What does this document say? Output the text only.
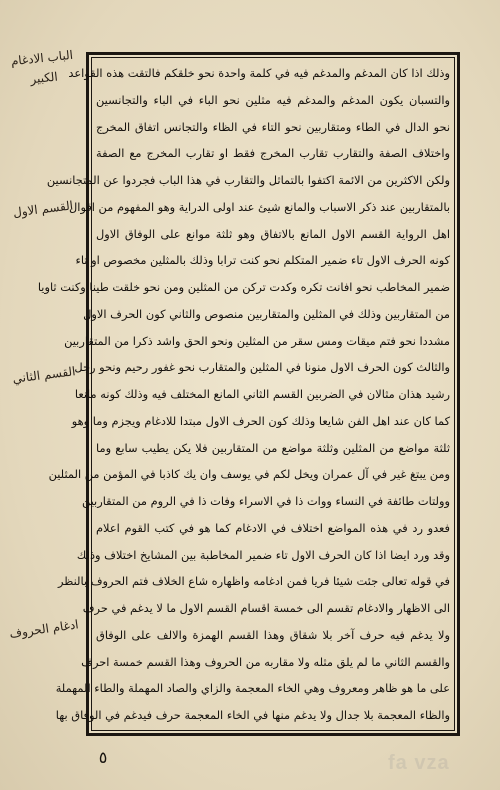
الباب الادغام
الكبير
القسم الاول
القسم الثاني
ادغام الحروف
وذلك اذا كان المدغم والمدغم فيه في كلمة واحدة نحو خلقكم فالتقت هذه القواعد
والتسبان يكون المدغم والمدغم فيه مثلين نحو الباء في الباء والتجانسين
نحو الدال في الطاء ومتقاربين نحو التاء في الظاء والتجانس اتفاق المخرج
واختلاف الصفة والتقارب تقارب المخرج فقط او تقارب المخرج مع الصفة
ولكن الاكثرين من الائمة اكتفوا بالتماثل والتقارب في هذا الباب فجردوا عن المتجانسين
بالمتقاربين عند ذكر الاسباب والمانع شيئ عند اولى الدراية وهو المفهوم من اقوال
اهل الرواية القسم الاول المانع بالاتفاق وهو ثلثة موانع على الوفاق الاول
كونه الحرف الاول تاء ضمير المتكلم نحو كنت ترابا وذلك بالمثلين مخصوص او تاء
ضمير المخاطب نحو افانت تكره وكدت تركن من المثلين ومن نحو خلقت طينا وكنت ثاويا
من المتقاربين وذلك في المثلين والمتقاربين منصوص والثاني كون الحرف الاول
مشددا نحو فتم ميقات ومس سقر من المثلين ونحو الحق واشد ذكرا من المتقاربين
والثالث كون الحرف الاول منونا في المثلين والمتقارب نحو غفور رحيم ونحو رجل
رشيد هذان مثالان في الضربين القسم الثاني المانع المختلف فيه وذلك كونه مانعا
كما كان عند اهل الفن شايعا وذلك كون الحرف الاول مبتدا للادغام ويجزم وما وهو
ثلثة مواضع من المثلين وثلثة مواضع من المتقاربين فلا يكن يطيب سابع وما
ومن يبتغ غير في آل عمران ويخل لكم في يوسف وان يك كاذبا في المؤمن من المثلين
وولتات طائفة في النساء ووات ذا في الاسراء وفات ذا في الروم من المتقاربين
فعدو رد في هذه المواضع اختلاف في الادغام كما هو في كتب القوم اعلام
وقد ورد ايضا اذا كان الحرف الاول تاء ضمير المخاطبة بين المشايخ اختلاف وذلك
في قوله تعالى جئت شيئا فريا فمن ادغامه واظهاره شاع الخلاف فتم الحروف بالنظر
الى الاظهار والادغام تقسم الى خمسة اقسام القسم الاول ما لا يدغم في حرف
ولا يدغم فيه حرف آخر بلا شقاق وهذا القسم الهمزة والالف على الوفاق
والقسم الثاني ما لم يلق مثله ولا مقاربه من الحروف وهذا القسم خمسة احرف
على ما هو ظاهر ومعروف وهي الخاء المعجمة والزاي والصاد المهملة والطاء المهملة
والظاء المعجمة بلا جدال ولا يدغم منها في الخاء المعجمة حرف فيدغم في الوفاق بها
٥	fa vza
